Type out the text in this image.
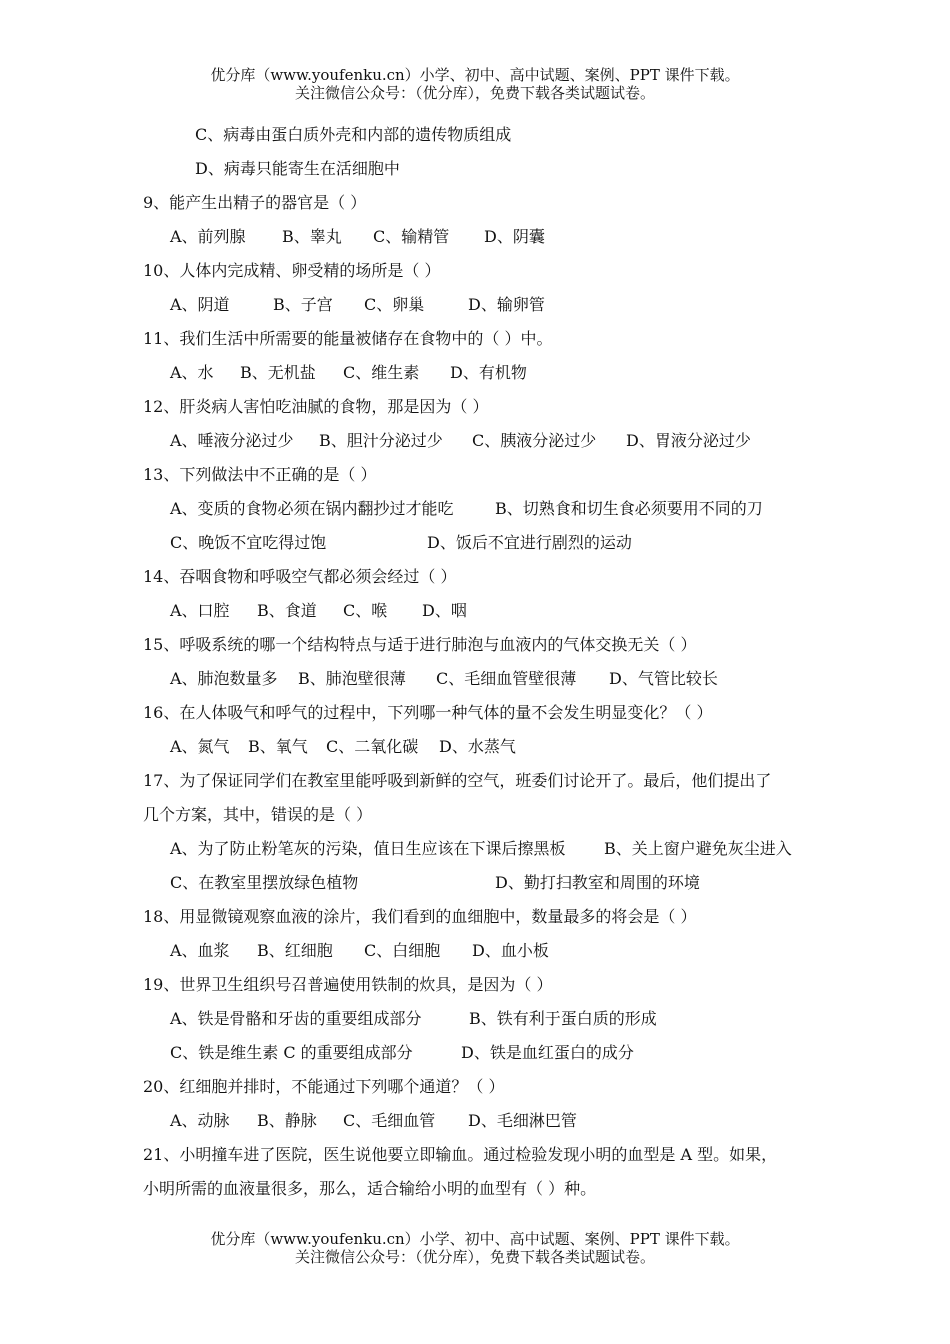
优分库（www.youfenku.cn）小学、初中、高中试题、案例、PPT 课件下载。
关注微信公众号：（优分库），免费下载各类试题试卷。
C、病毒由蛋白质外壳和内部的遗传物质组成
D、病毒只能寄生在活细胞中
9、能产生出精子的器官是（ ）
A、前列腺 B、睾丸 C、输精管 D、阴囊
10、人体内完成精、卵受精的场所是（ ）
A、阴道	B、子宫 C、卵巢	D、输卵管
11、我们生活中所需要的能量被储存在食物中的（ ）中。
A、水 B、无机盐 C、维生素 D、有机物
12、肝炎病人害怕吃油腻的食物，那是因为（ ）
A、唾液分泌过少 B、胆汁分泌过少 C、胰液分泌过少 D、胃液分泌过少
13、下列做法中不正确的是（ ）
A、变质的食物必须在锅内翻抄过才能吃	B、切熟食和切生食必须要用不同的刀
C、晚饭不宜吃得过饱	D、饭后不宜进行剧烈的运动
14、吞咽食物和呼吸空气都必须会经过（ ）
A、口腔 B、食道 C、喉 D、咽
15、呼吸系统的哪一个结构特点与适于进行肺泡与血液内的气体交换无关（ ）
A、肺泡数量多 B、肺泡壁很薄 C、毛细血管壁很薄 D、气管比较长
16、在人体吸气和呼气的过程中，下列哪一种气体的量不会发生明显变化？（ ）
A、氮气 B、氧气 C、二氧化碳 D、水蒸气
17、为了保证同学们在教室里能呼吸到新鲜的空气，班委们讨论开了。最后，他们提出了
几个方案，其中，错误的是（ ）
A、为了防止粉笔灰的污染，值日生应该在下课后擦黑板 B、关上窗户避免灰尘进入
C、在教室里摆放绿色植物	D、勤打扫教室和周围的环境
18、用显微镜观察血液的涂片，我们看到的血细胞中，数量最多的将会是（ ）
A、血浆 B、红细胞 C、白细胞 D、血小板
19、世界卫生组织号召普遍使用铁制的炊具，是因为（ ）
A、铁是骨骼和牙齿的重要组成部分	B、铁有利于蛋白质的形成
C、铁是维生素 C 的重要组成部分	D、铁是血红蛋白的成分
20、红细胞并排时，不能通过下列哪个通道？（ ）
A、动脉 B、静脉 C、毛细血管 D、毛细淋巴管
21、小明撞车进了医院，医生说他要立即输血。通过检验发现小明的血型是 A 型。如果，
小明所需的血液量很多，那么，适合输给小明的血型有（ ）种。
优分库（www.youfenku.cn）小学、初中、高中试题、案例、PPT 课件下载。
关注微信公众号：（优分库），免费下载各类试题试卷。
